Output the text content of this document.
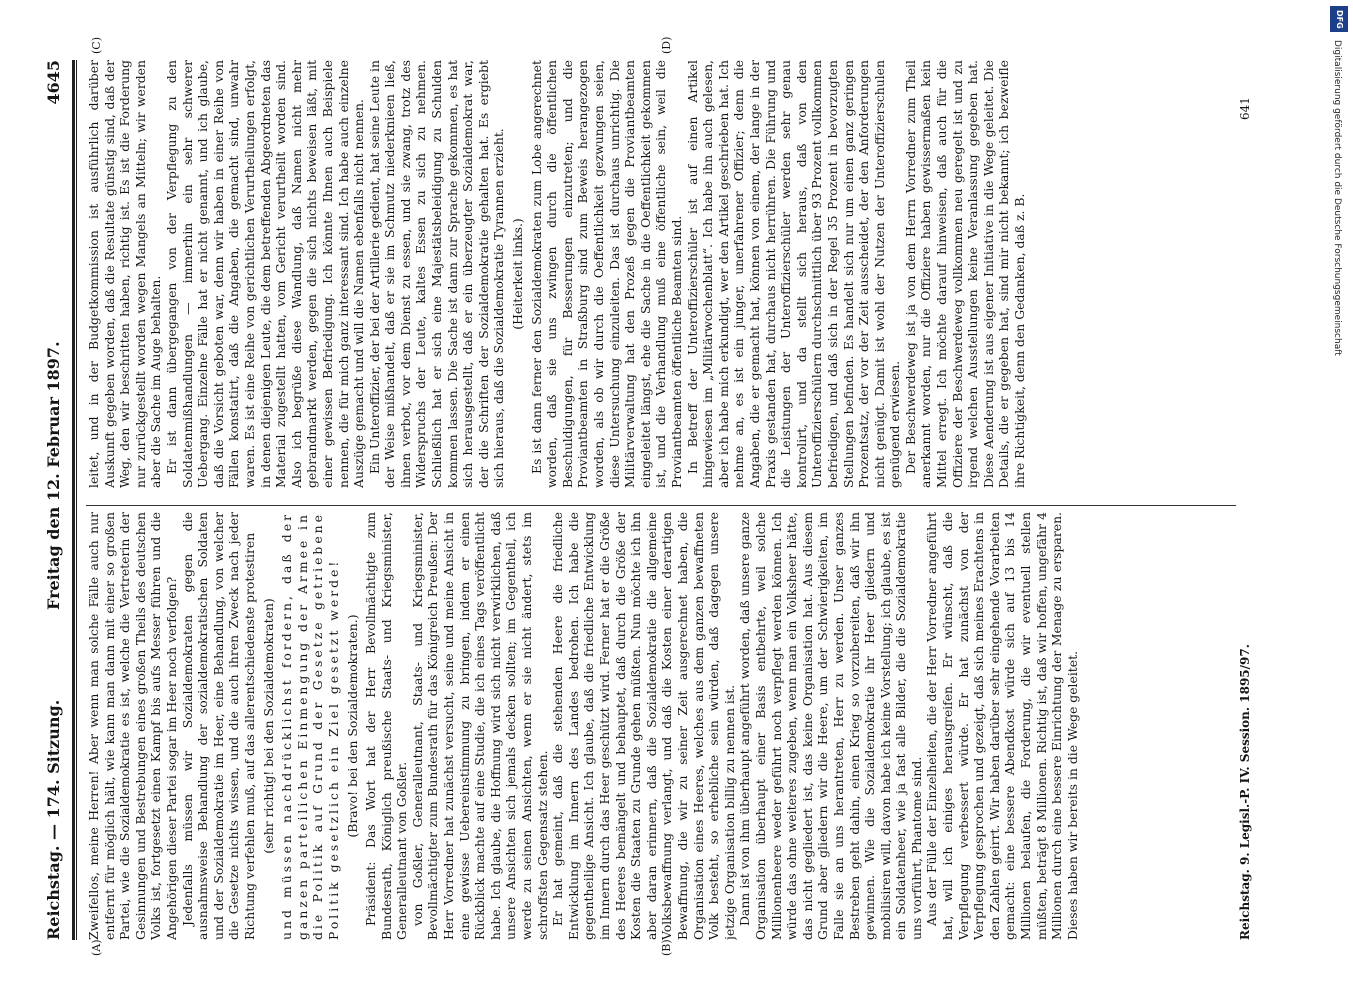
Reichstag. — 174. Sitzung.
Freitag den 12. Februar 1897.
4645

Zweifellos, meine Herren! Aber wenn man solche Fälle auch nur entfernt für möglich hält, wie kann man dann mit einer so großen Partei, wie die Sozialdemokratie es ist, welche die Vertreterin der Gesinnungen und Bestrebungen eines großen Theils des deutschen Volks ist, fortgesetzt einen Kampf bis aufs Messer führen und die Angehörigen dieser Partei sogar im Heer noch verfolgen? Jedenfalls müssen wir Sozialdemokraten gegen die ausnahmsweise Behandlung der sozialdemokratischen Soldaten und der Sozialdemokratie im Heer, eine Behandlung, von welcher die Gesetze nichts wissen, und die auch ihren Zweck nach jeder Richtung verfehlen muß, auf das allerentschiedenste protestiren (sehr richtig! bei den Sozialdemokraten) und müssen nachdrücklichst fordern, daß der ganzen parteilichen Einmengung der Armee in die Politik auf Grund der Gesetze getriebene Politik gesetzlich ein Ziel gesetzt werde! (Bravo! bei den Sozialdemokraten.) Präsident: Das Wort hat der Herr Bevollmächtigte zum Bundesrath, Königlich preußische Staats- und Kriegsminister, Generalleutnant von Goßler. von Goßler, Generalleutnant, Staats- und Kriegsminister, Bevollmächtigter zum Bundesrath für das Königreich Preußen: Der Herr Vorredner hat zunächst versucht, seine und meine Ansicht in eine gewisse Uebereinstimmung zu bringen, indem er einen Rückblick machte auf eine Studie, die ich eines Tags veröffentlicht habe. Ich glaube, die Hoffnung wird sich nicht verwirklichen, daß unsere Ansichten sich jemals decken sollten; im Gegentheil, ich werde zu seinen Ansichten, wenn er sie nicht ändert, stets im schroffsten Gegensatz stehen. Er hat gemeint, daß die stehenden Heere die friedliche Entwicklung im Innern des Landes bedrohen. Ich habe die gegentheilige Ansicht. Ich glaube, daß die friedliche Entwicklung im Innern durch das Heer geschützt wird. Ferner hat er die Größe des Heeres bemängelt und behauptet, daß durch die Größe der Kosten die Staaten zu Grunde gehen müßten. Nun möchte ich ihn aber daran erinnern, daß die Sozialdemokratie die allgemeine Volksbewaffnung verlangt, und daß die Kosten einer derartigen Bewaffnung, die wir zu seiner Zeit ausgerechnet haben, die Organisation eines Heeres, welches aus dem ganzen bewaffneten Volk besteht, so erhebliche sein würden, daß dagegen unsere jetzige Organisation billig zu nennen ist. Dann ist von ihm überhaupt angeführt worden, daß unsere ganze Organisation überhaupt einer Basis entbehrte, weil solche Millionenheere weder geführt noch verpflegt werden können. Ich würde das ohne weiteres zugeben, wenn man ein Volksheer hätte, das nicht gegliedert ist, das keine Organisation hat. Aus diesem Grund aber gliedern wir die Heere, um der Schwierigkeiten, im Falle sie an uns herantreten, Herr zu werden. Unser ganzes Bestreben geht dahin, einen Krieg so vorzubereiten, daß wir ihn gewinnen. Wie die Sozialdemokratie ihr Heer gliedern und mobilisiren will, davon habe ich keine Vorstellung; ich glaube, es ist ein Soldatenheer, wie ja fast alle Bilder, die die Sozialdemokratie uns vorführt, Phantome sind. Aus der Fülle der Einzelheiten, die der Herr Vorredner angeführt hat, will ich einiges herausgreifen. Er wünscht, daß die Verpflegung verbessert würde. Er hat zunächst von der Verpflegung gesprochen und gezeigt, daß sich meines Erachtens in den Zahlen geirrt. Wir haben darüber sehr eingehende Vorarbeiten gemacht: eine bessere Abendkost würde sich auf 13 bis 14 Millionen belaufen, die Forderung, die wir eventuell stellen müßten, beträgt 8 Millionen. Richtig ist, daß wir hoffen, ungefähr 4 Millionen durch eine bessere Einrichtung der Menage zu ersparen. Dieses haben wir bereits in die Wege geleitet.

leitet, und in der Budgetkommission ist ausführlich darüber Auskunft gegeben worden, daß die Resultate günstig sind, daß der Weg, den wir beschritten haben, richtig ist. Es ist die Forderung nur zurückgestellt worden wegen Mangels an Mitteln; wir werden aber die Sache im Auge behalten. Er ist dann übergegangen von der Verpflegung zu den Soldatenmißhandlungen — immerhin ein sehr schwerer Uebergang. Einzelne Fälle hat er nicht genannt, und ich glaube, daß die Vorsicht geboten war, denn wir haben in einer Reihe von Fällen konstatirt, daß die Angaben, die gemacht sind, unwahr waren. Es ist eine Reihe von gerichtlichen Verurtheilungen erfolgt, in denen diejenigen Leute, die dem betreffenden Abgeordneten das Material zugestellt hatten, vom Gericht verurtheilt worden sind. Also ich begrüße diese Wandlung, daß Namen nicht mehr gebrandmarkt werden, gegen die sich nichts beweisen läßt, mit einer gewissen Befriedigung. Ich könnte Ihnen auch Beispiele nennen, die für mich ganz interessant sind. Ich habe auch einzelne Auszüge gemacht und will die Namen ebenfalls nicht nennen. Ein Unteroffizier, der bei der Artillerie gedient, hat seine Leute in der Weise mißhandelt, daß er sie im Schmutz niederknieen ließ, ihnen verbot, vor dem Dienst zu essen, und sie zwang, trotz des Widerspruchs der Leute, kaltes Essen zu sich zu nehmen. Schließlich hat er sich eine Majestätsbeleidigung zu Schulden kommen lassen. Die Sache ist dann zur Sprache gekommen, es hat sich herausgestellt, daß er ein überzeugter Sozialdemokrat war, der die Schriften der Sozialdemokratie gehalten hat. Es ergiebt sich hieraus, daß die Sozialdemokratie Tyrannen erzieht. (Heiterkeit links.) Es ist dann ferner den Sozialdemokraten zum Lobe angerechnet worden, daß sie uns zwingen durch die öffentlichen Beschuldigungen, für Besserungen einzutreten; und die Proviantbeamten in Straßburg sind zum Beweis herangezogen worden, als ob wir durch die Oeffentlichkeit gezwungen seien, diese Untersuchung einzuleiten. Das ist durchaus unrichtig. Die Militärverwaltung hat den Prozeß gegen die Proviantbeamten eingeleitet längst, ehe die Sache in die Oeffentlichkeit gekommen ist, und die Verhandlung muß eine öffentliche sein, weil die Proviantbeamten öffentliche Beamten sind. In Betreff der Unteroffizierschüler ist auf einen Artikel hingewiesen im „Militärwochenblatt“. Ich habe ihn auch gelesen, aber ich habe mich erkundigt, wer den Artikel geschrieben hat. Ich nehme an, es ist ein junger, unerfahrener Offizier; denn die Angaben, die er gemacht hat, können von einem, der lange in der Praxis gestanden hat, durchaus nicht herrühren. Die Führung und die Leistungen der Unteroffizierschüler werden sehr genau kontrolirt, und da stellt sich heraus, daß von den Unteroffizierschülern durchschnittlich über 93 Prozent vollkommen befriedigen, und daß sich in der Regel 35 Prozent in bevorzugten Stellungen befinden. Es handelt sich nur um einen ganz geringen Prozentsatz, der vor der Zeit ausscheidet, der den Anforderungen nicht genügt. Damit ist wohl der Nutzen der Unteroffizierschulen genügend erwiesen. Der Beschwerdeweg ist ja von dem Herrn Vorredner zum Theil anerkannt worden, nur die Offiziere haben gewissermaßen kein Mittel erregt. Ich möchte darauf hinweisen, daß auch für die Offiziere der Beschwerdeweg vollkommen neu geregelt ist und zu irgend welchen Ausstellungen keine Veranlassung gegeben hat. Diese Aenderung ist aus eigener Initiative in die Wege geleitet. Die Details, die er gegeben hat, sind mir nicht bekannt; ich bezweifle ihre Richtigkeit, denn den Gedanken, daß z. B.

(A)	(B)
(C)	(D)
Reichstag. 9. Legisl.-P. IV. Session. 1895/97.
641
DFG
Digitalisierung gefördert durch die Deutsche Forschungsgemeinschaft
